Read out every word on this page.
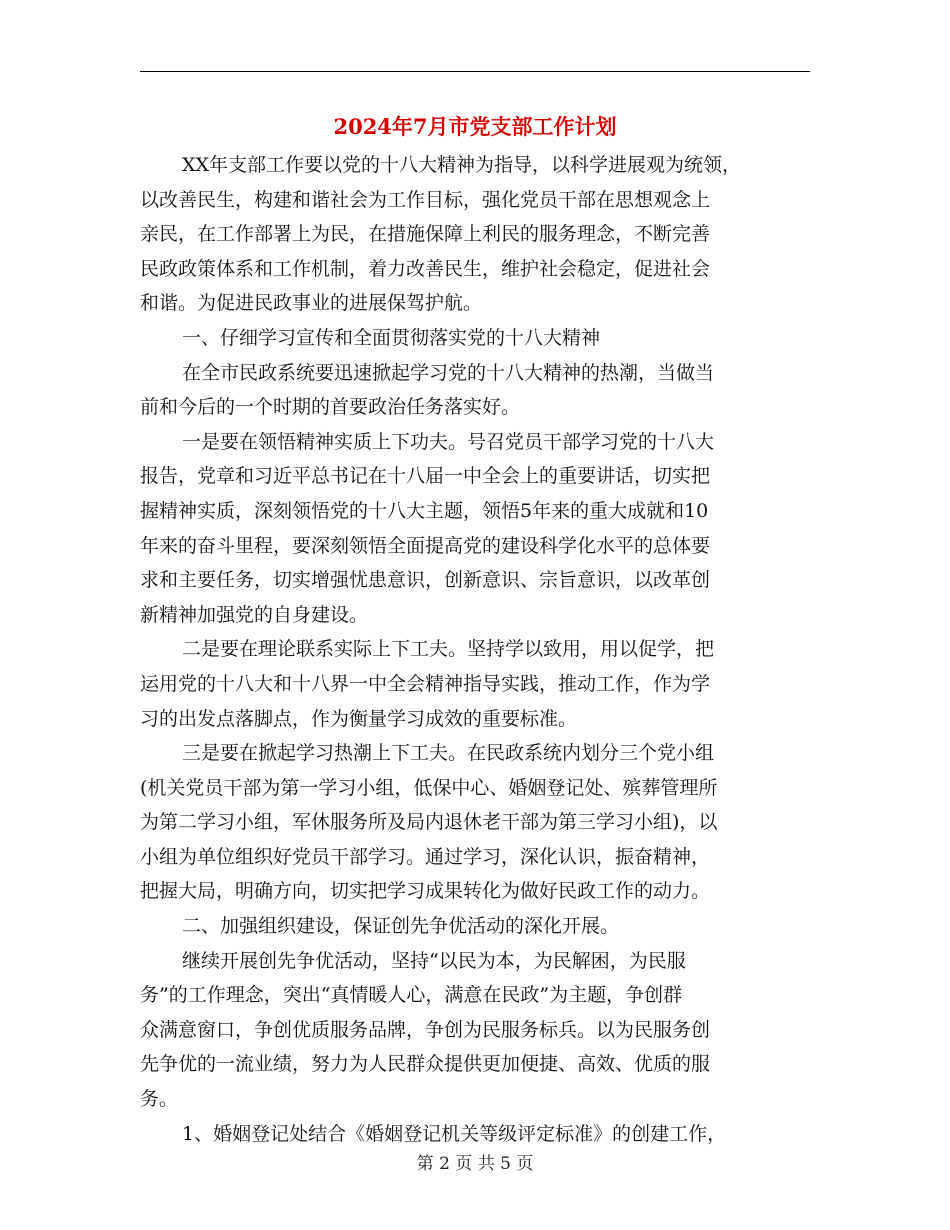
2024年7月市党支部工作计划
XX年支部工作要以党的十八大精神为指导，以科学进展观为统领，
以改善民生，构建和谐社会为工作目标，强化党员干部在思想观念上
亲民，在工作部署上为民，在措施保障上利民的服务理念，不断完善
民政政策体系和工作机制，着力改善民生，维护社会稳定，促进社会
和谐。为促进民政事业的进展保驾护航。
一、仔细学习宣传和全面贯彻落实党的十八大精神
在全市民政系统要迅速掀起学习党的十八大精神的热潮，当做当
前和今后的一个时期的首要政治任务落实好。
一是要在领悟精神实质上下功夫。号召党员干部学习党的十八大
报告，党章和习近平总书记在十八届一中全会上的重要讲话，切实把
握精神实质，深刻领悟党的十八大主题，领悟5年来的重大成就和10
年来的奋斗里程，要深刻领悟全面提高党的建设科学化水平的总体要
求和主要任务，切实增强忧患意识，创新意识、宗旨意识，以改革创
新精神加强党的自身建设。
二是要在理论联系实际上下工夫。坚持学以致用，用以促学，把
运用党的十八大和十八界一中全会精神指导实践，推动工作，作为学
习的出发点落脚点，作为衡量学习成效的重要标准。
三是要在掀起学习热潮上下工夫。在民政系统内划分三个党小组
(机关党员干部为第一学习小组，低保中心、婚姻登记处、殡葬管理所
为第二学习小组，军休服务所及局内退休老干部为第三学习小组)，以
小组为单位组织好党员干部学习。通过学习，深化认识，振奋精神，
把握大局，明确方向，切实把学习成果转化为做好民政工作的动力。
二、加强组织建设，保证创先争优活动的深化开展。
继续开展创先争优活动，坚持“以民为本，为民解困，为民服
务”的工作理念，突出“真情暖人心，满意在民政”为主题，争创群
众满意窗口，争创优质服务品牌，争创为民服务标兵。以为民服务创
先争优的一流业绩，努力为人民群众提供更加便捷、高效、优质的服
务。
1、婚姻登记处结合《婚姻登记机关等级评定标准》的创建工作，
第 2 页 共 5 页
